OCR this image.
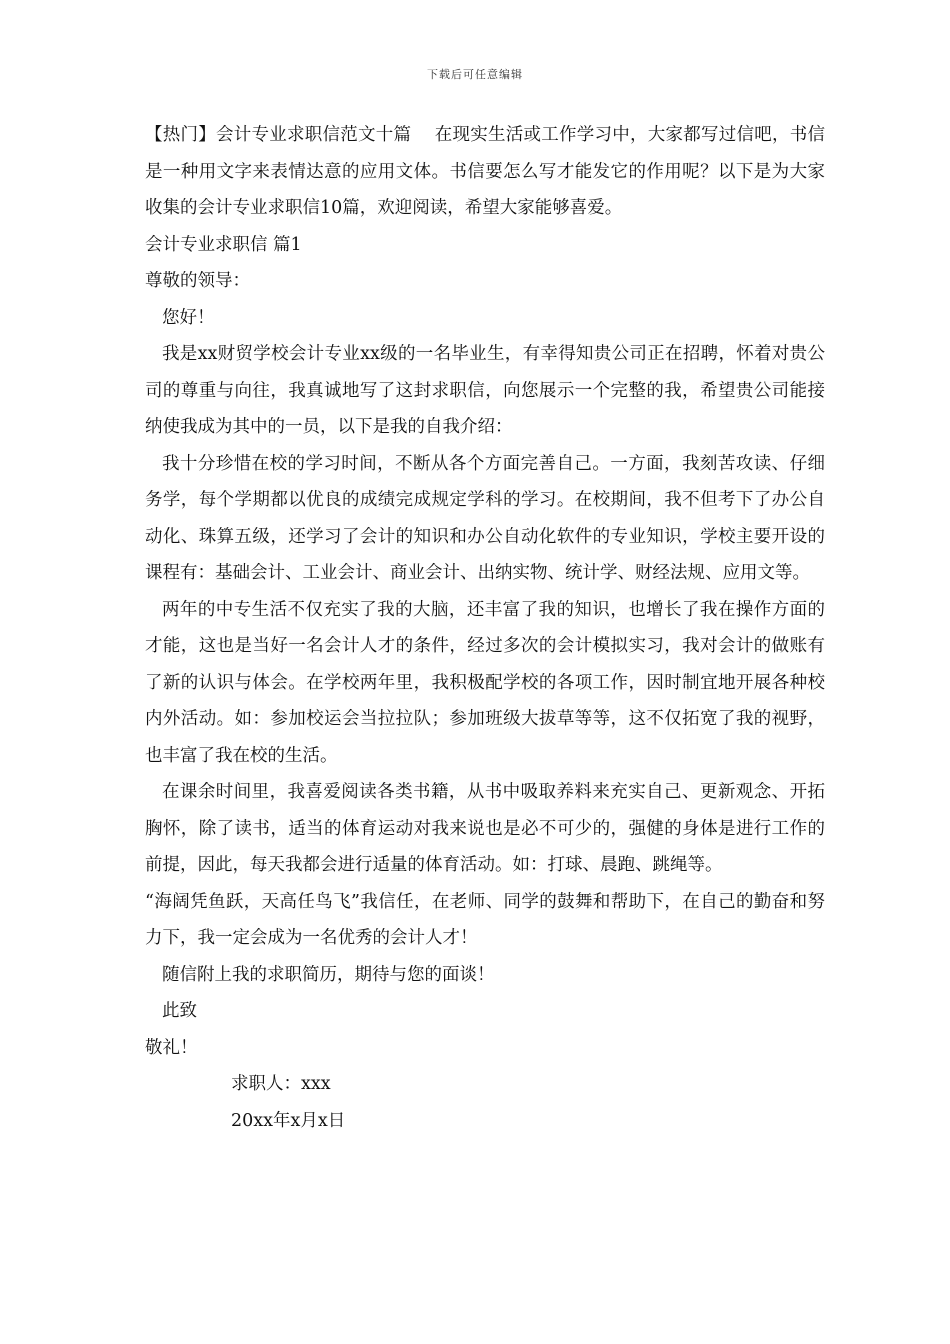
下载后可任意编辑

【热门】会计专业求职信范文十篇　 在现实生活或工作学习中，大家都写过信吧，书信是一种用文字来表情达意的应用文体。书信要怎么写才能发它的作用呢？以下是为大家收集的会计专业求职信10篇，欢迎阅读，希望大家能够喜爱。

会计专业求职信 篇1

尊敬的领导：

您好！

我是xx财贸学校会计专业xx级的一名毕业生，有幸得知贵公司正在招聘，怀着对贵公司的尊重与向往，我真诚地写了这封求职信，向您展示一个完整的我，希望贵公司能接纳使我成为其中的一员，以下是我的自我介绍：

我十分珍惜在校的学习时间，不断从各个方面完善自己。一方面，我刻苦攻读、仔细务学，每个学期都以优良的成绩完成规定学科的学习。在校期间，我不但考下了办公自动化、珠算五级，还学习了会计的知识和办公自动化软件的专业知识，学校主要开设的课程有：基础会计、工业会计、商业会计、出纳实物、统计学、财经法规、应用文等。

两年的中专生活不仅充实了我的大脑，还丰富了我的知识，也增长了我在操作方面的才能，这也是当好一名会计人才的条件，经过多次的会计模拟实习，我对会计的做账有了新的认识与体会。在学校两年里，我积极配学校的各项工作，因时制宜地开展各种校内外活动。如：参加校运会当拉拉队；参加班级大拔草等等，这不仅拓宽了我的视野，也丰富了我在校的生活。

在课余时间里，我喜爱阅读各类书籍，从书中吸取养料来充实自己、更新观念、开拓胸怀，除了读书，适当的体育运动对我来说也是必不可少的，强健的身体是进行工作的前提，因此，每天我都会进行适量的体育活动。如：打球、晨跑、跳绳等。

“海阔凭鱼跃，天高任鸟飞”我信任，在老师、同学的鼓舞和帮助下，在自己的勤奋和努力下，我一定会成为一名优秀的会计人才！

随信附上我的求职简历，期待与您的面谈！

此致

敬礼！

求职人：xxx

20xx年x月x日
